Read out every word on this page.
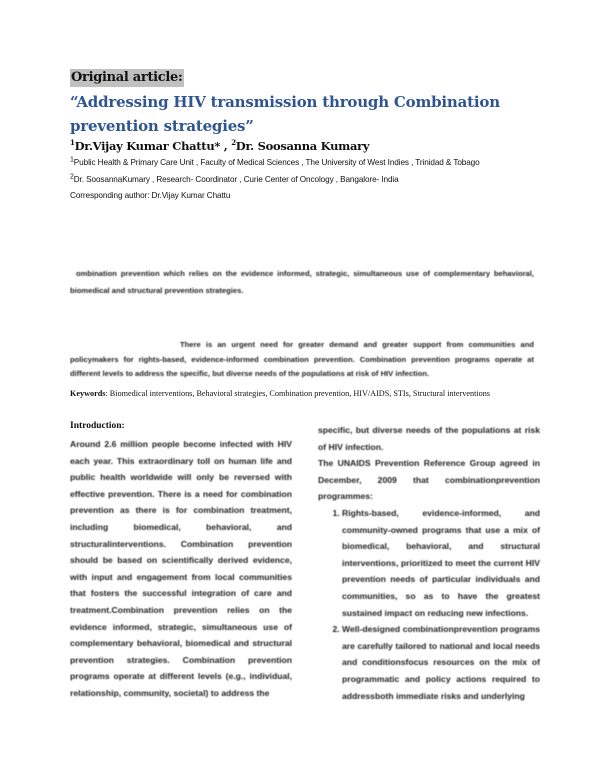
Original article:
“Addressing HIV transmission through Combination prevention strategies”
$^1$Dr.Vijay Kumar Chattu* , $^2$Dr. Soosanna Kumary
1Public Health & Primary Care Unit , Faculty of Medical Sciences , The University of West Indies , Trinidad & Tobago
2Dr. SoosannaKumary , Research- Coordinator , Curie Center of Oncology , Bangalore- India
Corresponding author: Dr.Vijay Kumar Chattu
ombination prevention which relies on the evidence informed, strategic, simultaneous use of complementary behavioral, biomedical and structural prevention strategies.
There is an urgent need for greater demand and greater support from communities and policymakers for rights-based, evidence-informed combination prevention. Combination prevention programs operate at different levels to address the specific, but diverse needs of the populations at risk of HIV infection.
Keywords: Biomedical interventions, Behavioral strategies, Combination prevention, HIV/AIDS, STIs, Structural interventions
Introduction:
Around 2.6 million people become infected with HIV each year. This extraordinary toll on human life and public health worldwide will only be reversed with effective prevention. There is a need for combination prevention as there is for combination treatment, including biomedical, behavioral, and structuralinterventions. Combination prevention should be based on scientifically derived evidence, with input and engagement from local communities that fosters the successful integration of care and treatment.Combination prevention relies on the evidence informed, strategic, simultaneous use of complementary behavioral, biomedical and structural prevention strategies. Combination prevention programs operate at different levels (e.g., individual, relationship, community, societal) to address the
specific, but diverse needs of the populations at risk of HIV infection.
The UNAIDS Prevention Reference Group agreed in December, 2009 that combinationprevention programmes:
1. Rights-based, evidence-informed, and community-owned programs that use a mix of biomedical, behavioral, and structural interventions, prioritized to meet the current HIV prevention needs of particular individuals and communities, so as to have the greatest sustained impact on reducing new infections.
2. Well-designed combinationprevention programs are carefully tailored to national and local needs and conditionsfocus resources on the mix of programmatic and policy actions required to addressboth immediate risks and underlying
